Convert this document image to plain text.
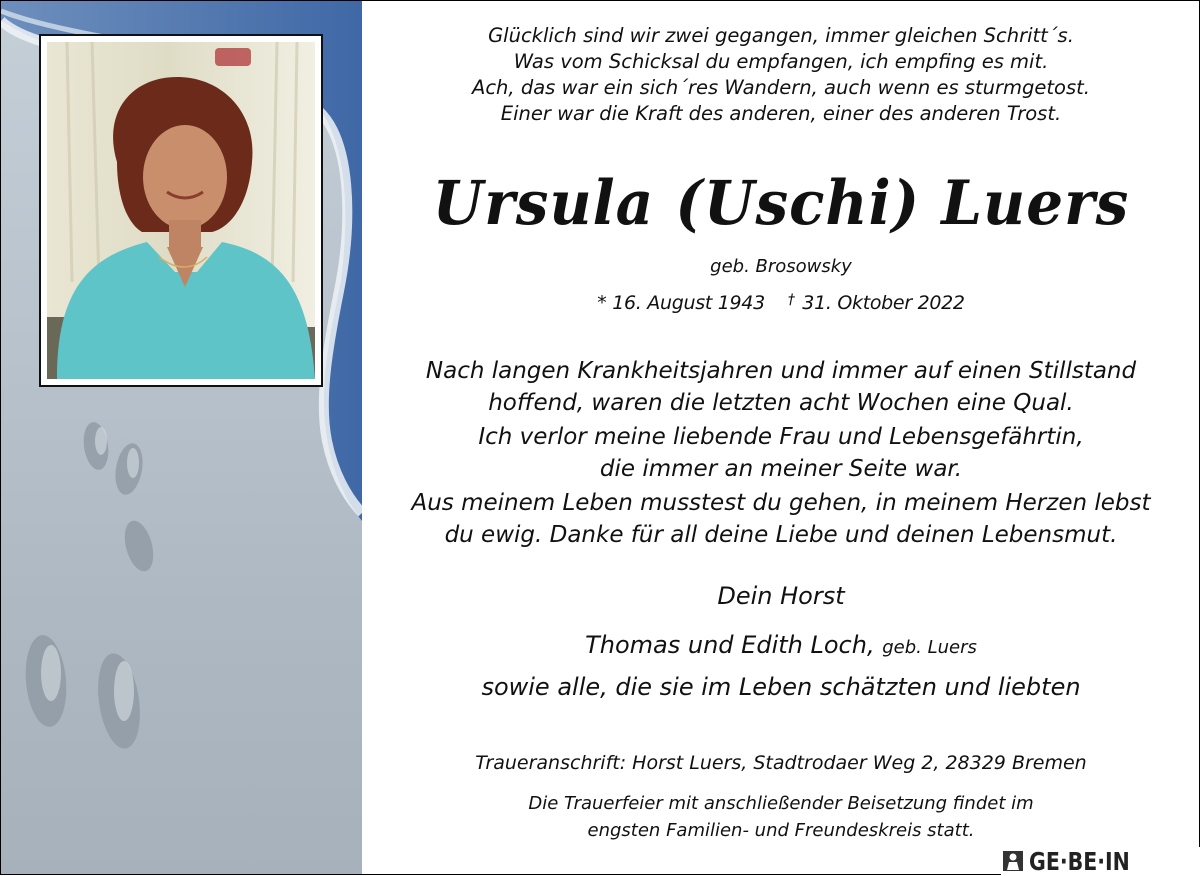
Glücklich sind wir zwei gegangen, immer gleichen Schritt´s.
Was vom Schicksal du empfangen, ich empfing es mit.
Ach, das war ein sich´res Wandern, auch wenn es sturmgetost.
Einer war die Kraft des anderen, einer des anderen Trost.
Ursula (Uschi) Luers
geb. Brosowsky
* 16. August 1943 † 31. Oktober 2022

Nach langen Krankheitsjahren und immer auf einen Stillstand
hoffend, waren die letzten acht Wochen eine Qual.

Ich verlor meine liebende Frau und Lebensgefährtin,
die immer an meiner Seite war.

Aus meinem Leben musstest du gehen, in meinem Herzen lebst
du ewig. Danke für all deine Liebe und deinen Lebensmut.

Dein Horst
Thomas und Edith Loch, geb. Luers
sowie alle, die sie im Leben schätzten und liebten
Traueranschrift: Horst Luers, Stadtrodaer Weg 2, 28329 Bremen
Die Trauerfeier mit anschließender Beisetzung findet im
engsten Familien- und Freundeskreis statt.
GE·BE·IN
